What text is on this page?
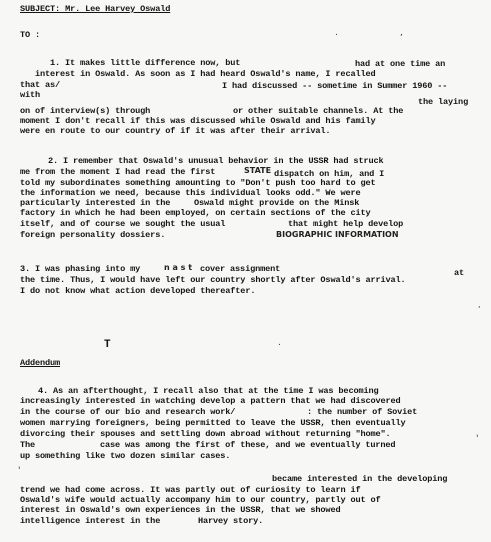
SUBJECT: Mr. Lee Harvey Oswald
TO :	.	,
1. It makes little difference now, but	had at one time an
interest in Oswald. As soon as I had heard Oswald's name, I recalled
that as/	I had discussed -- sometime in Summer 1960 --
with
the laying
on of interview(s) through	or other suitable channels. At the
moment I don't recall if this was discussed while Oswald and his family
were en route to our country of if it was after their arrival.
2. I remember that Oswald's unusual behavior in the USSR had struck
me from the moment I had read the first	STATE dispatch on him, and I
told my subordinates something amounting to "Don't push too hard to get
the information we need, because this individual looks odd." We were
particularly interested in the	Oswald might provide on the Minsk
factory in which he had been employed, on certain sections of the city
itself, and of course we sought the usual	that might help develop
foreign personality dossiers.	BIOGRAPHIC INFORMATION
3. I was phasing into my	n a s t cover assignment	at
the time. Thus, I would have left our country shortly after Oswald's arrival.
I do not know what action developed thereafter.
T	.
Addendum
4. As an afterthought, I recall also that at the time I was becoming
increasingly interested in watching develop a pattern that we had discovered
in the course of our bio and research work/	: the number of Soviet
women marrying foreigners, being permitted to leave the USSR, then eventually
divorcing their spouses and settling down abroad without returning "home".
The	case was among the first of these, and we eventually turned
up something like two dozen similar cases.
became interested in the developing
trend we had come across. It was partly out of curiosity to learn if
Oswald's wife would actually accompany him to our country, partly out of
interest in Oswald's own experiences in the USSR, that we showed
intelligence interest in the	Harvey story.
,
'
'
